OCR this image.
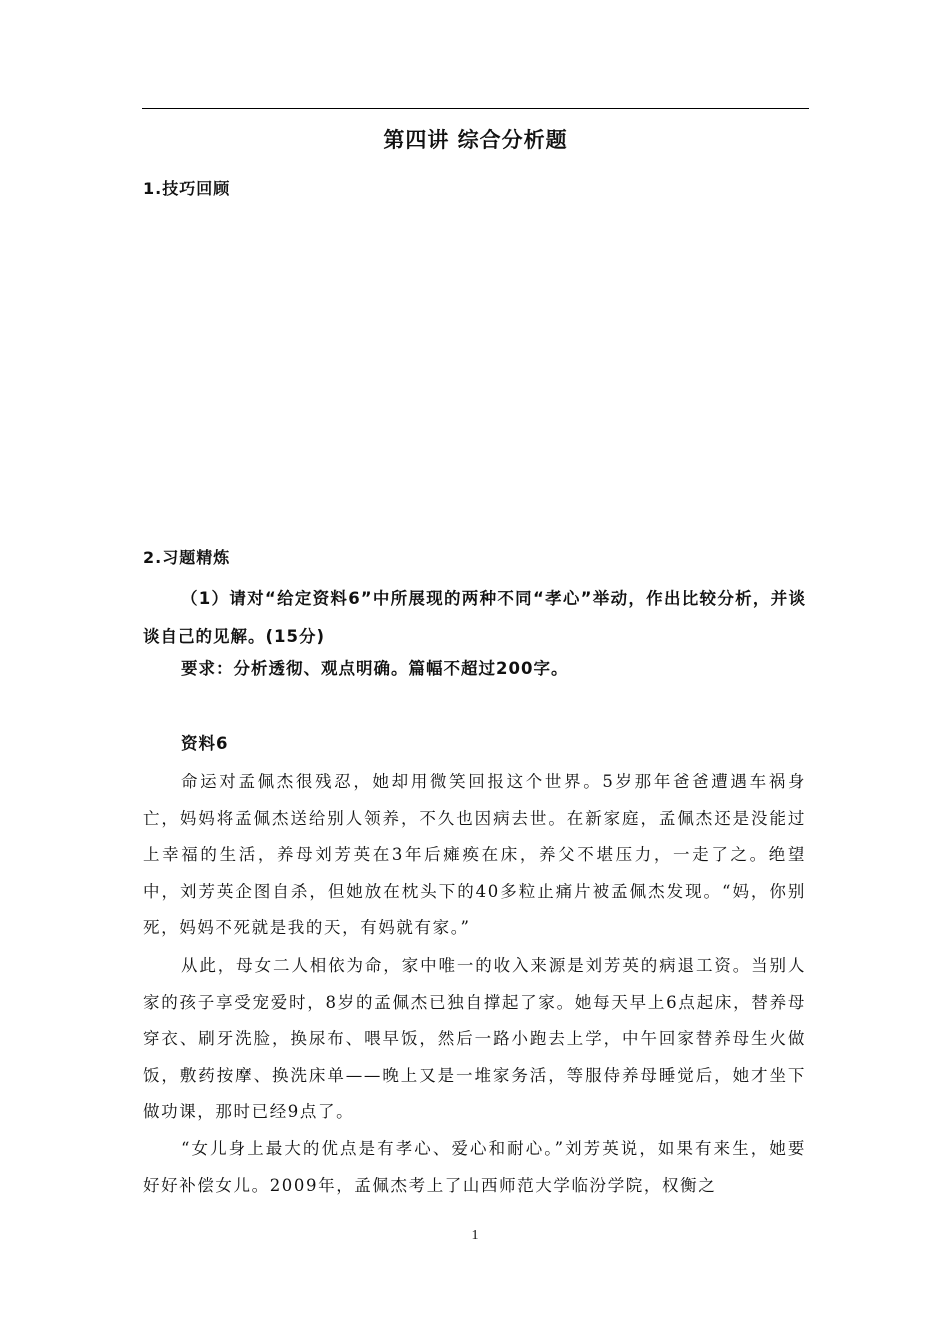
第四讲 综合分析题
1.技巧回顾
2.习题精炼
（1）请对“给定资料6”中所展现的两种不同“孝心”举动，作出比较分析，并谈谈自己的见解。(15分)
要求：分析透彻、观点明确。篇幅不超过200字。
资料6

命运对孟佩杰很残忍，她却用微笑回报这个世界。5岁那年爸爸遭遇车祸身亡，妈妈将孟佩杰送给别人领养，不久也因病去世。在新家庭，孟佩杰还是没能过上幸福的生活，养母刘芳英在3年后瘫痪在床，养父不堪压力，一走了之。绝望中，刘芳英企图自杀，但她放在枕头下的40多粒止痛片被孟佩杰发现。“妈，你别死，妈妈不死就是我的天，有妈就有家。”

从此，母女二人相依为命，家中唯一的收入来源是刘芳英的病退工资。当别人家的孩子享受宠爱时，8岁的孟佩杰已独自撑起了家。她每天早上6点起床，替养母穿衣、刷牙洗脸，换尿布、喂早饭，然后一路小跑去上学，中午回家替养母生火做饭，敷药按摩、换洗床单——晚上又是一堆家务活，等服侍养母睡觉后，她才坐下做功课，那时已经9点了。

“女儿身上最大的优点是有孝心、爱心和耐心。”刘芳英说，如果有来生，她要好好补偿女儿。2009年，孟佩杰考上了山西师范大学临汾学院，权衡之

1
